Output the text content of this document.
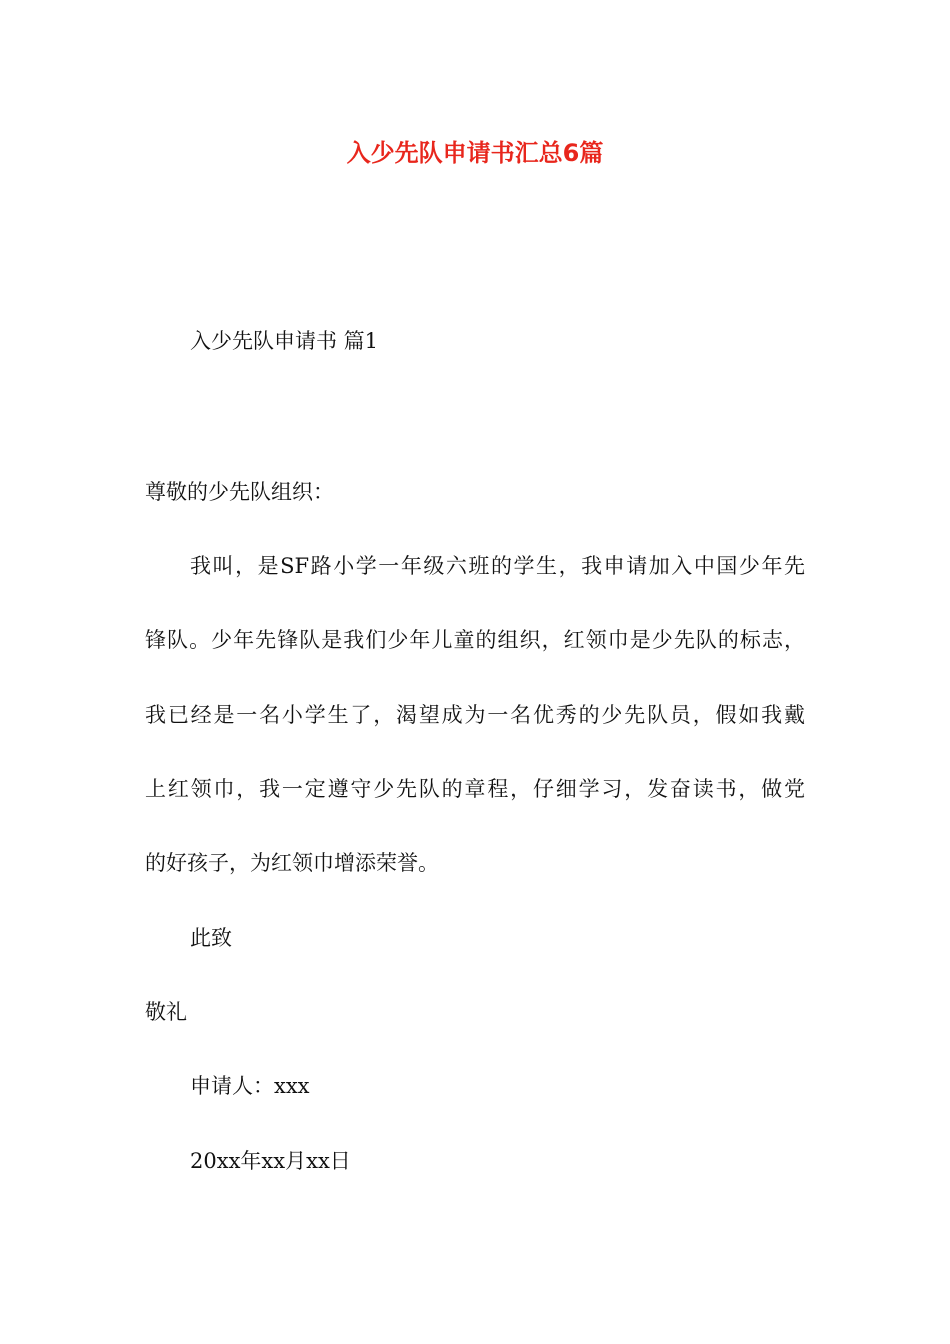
入少先队申请书汇总6篇

入少先队申请书 篇1

尊敬的少先队组织：

我叫，是SF路小学一年级六班的学生，我申请加入中国少年先

锋队。少年先锋队是我们少年儿童的组织，红领巾是少先队的标志，

我已经是一名小学生了，渴望成为一名优秀的少先队员，假如我戴

上红领巾，我一定遵守少先队的章程，仔细学习，发奋读书，做党

的好孩子，为红领巾增添荣誉。

此致

敬礼

申请人：xxx

20xx年xx月xx日
